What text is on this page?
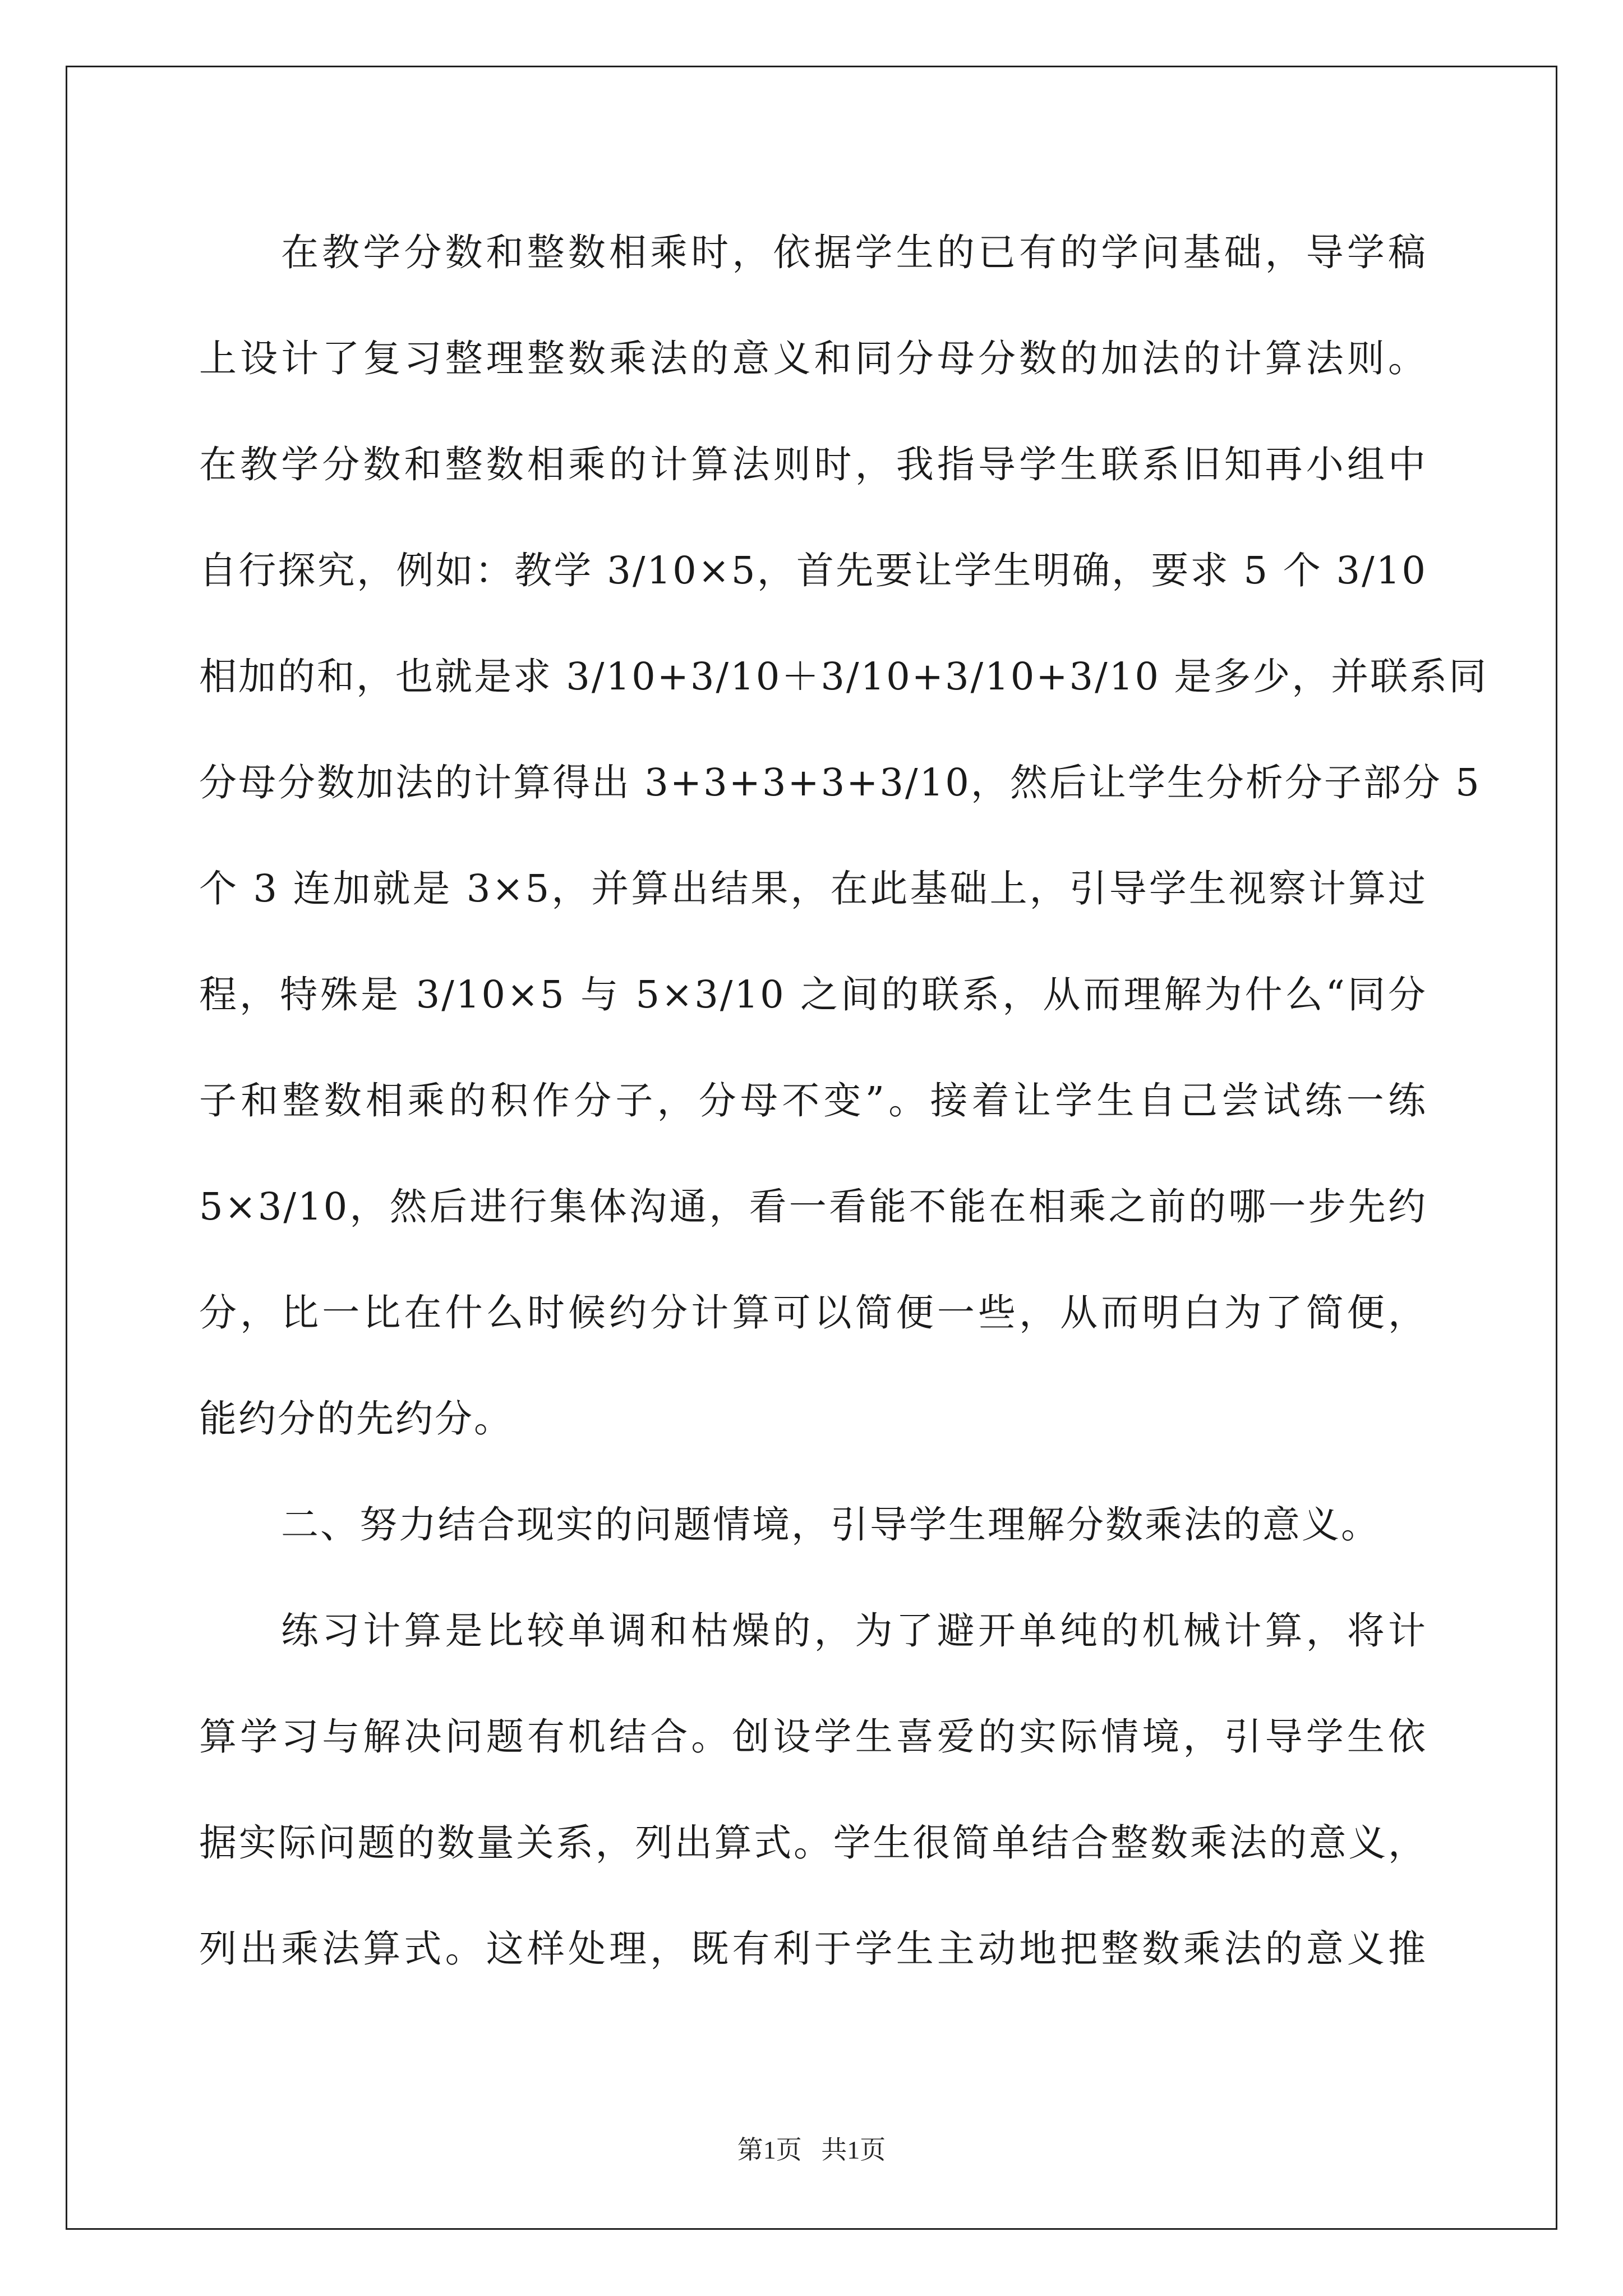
在教学分数和整数相乘时，依据学生的已有的学问基础，导学稿
上设计了复习整理整数乘法的意义和同分母分数的加法的计算法则。
在教学分数和整数相乘的计算法则时，我指导学生联系旧知再小组中
自行探究，例如：教学 3/10×5，首先要让学生明确，要求 5 个 3/10
相加的和，也就是求 3/10+3/10＋3/10+3/10+3/10 是多少，并联系同
分母分数加法的计算得出 3+3+3+3+3/10，然后让学生分析分子部分 5
个 3 连加就是 3×5，并算出结果，在此基础上，引导学生视察计算过
程，特殊是 3/10×5 与 5×3/10 之间的联系，从而理解为什么“同分
子和整数相乘的积作分子，分母不变”。接着让学生自己尝试练一练
5×3/10，然后进行集体沟通，看一看能不能在相乘之前的哪一步先约
分，比一比在什么时候约分计算可以简便一些，从而明白为了简便，
能约分的先约分。
二、努力结合现实的问题情境，引导学生理解分数乘法的意义。
练习计算是比较单调和枯燥的，为了避开单纯的机械计算，将计
算学习与解决问题有机结合。创设学生喜爱的实际情境，引导学生依
据实际问题的数量关系，列出算式。学生很简单结合整数乘法的意义，
列出乘法算式。这样处理，既有利于学生主动地把整数乘法的意义推
第1页   共1页
